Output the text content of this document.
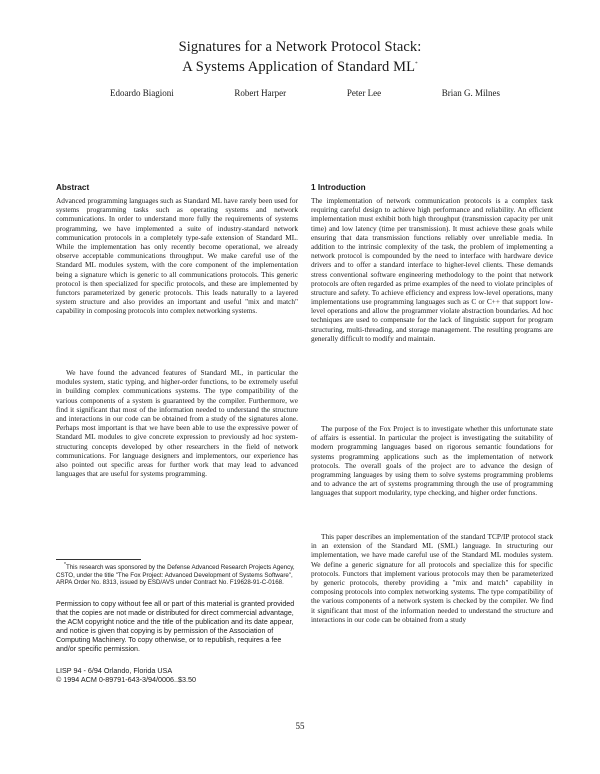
Signatures for a Network Protocol Stack:
A Systems Application of Standard ML*
Edoardo Biagioni	Robert Harper	Peter Lee	Brian G. Milnes
Abstract

Advanced programming languages such as Standard ML have rarely been used for systems programming tasks such as operating systems and network communications. In order to understand more fully the requirements of systems programming, we have implemented a suite of industry-standard network communication protocols in a completely type-safe extension of Standard ML. While the implementation has only recently become operational, we already observe acceptable communications throughput. We make careful use of the Standard ML modules system, with the core component of the implementation being a signature which is generic to all communications protocols. This generic protocol is then specialized for specific protocols, and these are implemented by functors parameterized by generic protocols. This leads naturally to a layered system structure and also provides an important and useful "mix and match" capability in composing protocols into complex networking systems.

We have found the advanced features of Standard ML, in particular the modules system, static typing, and higher-order functions, to be extremely useful in building complex communications systems. The type compatibility of the various components of a system is guaranteed by the compiler. Furthermore, we find it significant that most of the information needed to understand the structure and interactions in our code can be obtained from a study of the signatures alone. Perhaps most important is that we have been able to use the expressive power of Standard ML modules to give concrete expression to previously ad hoc system-structuring concepts developed by other researchers in the field of network communications. For language designers and implementors, our experience has also pointed out specific areas for further work that may lead to advanced languages that are useful for systems programming.

*This research was sponsored by the Defense Advanced Research Projects Agency, CSTO, under the title "The Fox Project: Advanced Development of Systems Software", ARPA Order No. 8313, issued by ESD/AVS under Contract No. F19628-91-C-0168.

Permission to copy without fee all or part of this material is granted provided that the copies are not made or distributed for direct commercial advantage, the ACM copyright notice and the title of the publication and its date appear, and notice is given that copying is by permission of the Association of Computing Machinery. To copy otherwise, or to republish, requires a fee and/or specific permission.

LISP 94 - 6/94 Orlando, Florida USA

© 1994 ACM 0-89791-643-3/94/0006..$3.50

1 Introduction

The implementation of network communication protocols is a complex task requiring careful design to achieve high performance and reliability. An efficient implementation must exhibit both high throughput (transmission capacity per unit time) and low latency (time per transmission). It must achieve these goals while ensuring that data transmission functions reliably over unreliable media. In addition to the intrinsic complexity of the task, the problem of implementing a network protocol is compounded by the need to interface with hardware device drivers and to offer a standard interface to higher-level clients. These demands stress conventional software engineering methodology to the point that network protocols are often regarded as prime examples of the need to violate principles of structure and safety. To achieve efficiency and express low-level operations, many implementations use programming languages such as C or C++ that support low-level operations and allow the programmer violate abstraction boundaries. Ad hoc techniques are used to compensate for the lack of linguistic support for program structuring, multi-threading, and storage management. The resulting programs are generally difficult to modify and maintain.

The purpose of the Fox Project is to investigate whether this unfortunate state of affairs is essential. In particular the project is investigating the suitability of modern programming languages based on rigorous semantic foundations for systems programming applications such as the implementation of network protocols. The overall goals of the project are to advance the design of programming languages by using them to solve systems programming problems and to advance the art of systems programming through the use of programming languages that support modularity, type checking, and higher order functions.

This paper describes an implementation of the standard TCP/IP protocol stack in an extension of the Standard ML (SML) language. In structuring our implementation, we have made careful use of the Standard ML modules system. We define a generic signature for all protocols and specialize this for specific protocols. Functors that implement various protocols may then be parameterized by generic protocols, thereby providing a "mix and match" capability in composing protocols into complex networking systems. The type compatibility of the various components of a network system is checked by the compiler. We find it significant that most of the information needed to understand the structure and interactions in our code can be obtained from a study

55
